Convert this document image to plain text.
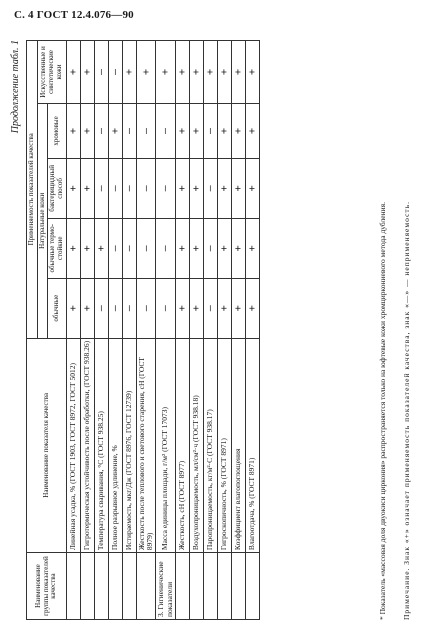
С. 4 ГОСТ 12.4.076—90
Продолжение табл. 1
Наименование группы показателей качества	Наименование показателя качества	Применяемость показателей качества				
		Натуральные кожи				Искусственные и синтетические кожи
		обычные	обычные термо-стойкие	бактерицидный способ	хромовые	
	Линейная усадка, % (ГОСТ 1903, ГОСТ 8972, ГОСТ 5012)	+	+	+	+	+
	Гигротермическая устойчивость после обработки, (ГОСТ 938.26)	+	+	+	+	+
	Температура сваривания, °С (ГОСТ 938.25)	—	+	—	—	—
	Полное разрывное удлинение, %	—	—	—	+	—
	Истираемость, мкг/Дж (ГОСТ 8976, ГОСТ 12739)	—	—	—	—	+
	Жесткость после теплового и светового старения, сН (ГОСТ 8979)	—	—	—	—	+
3. Гигиенические показатели	Масса единицы площади, г/м² (ГОСТ 17073)	—	—	—	—	+
	Жесткость, сН (ГОСТ 8977)	+	+	+	+	+
	Воздухопроницаемость, мл/см²·ч (ГОСТ 938.18)	+	+	+	+	+
	Паропроницаемость, кг/м²·С (ГОСТ 938.17)	—	—	—	—	+
	Гигроскопичность, % (ГОСТ 8971)	+	+	+	+	+
	Коэффициент влагопоглощения	+	+	+	+	+
	Влагоотдача, % (ГОСТ 8971)	+	+	+	+	+
* Показатель «массовая доля двуокиси циркония» распространяется только на юфтевые кожи хромциркониевого метода дубления. Примечание. Знак «+» означает применяемость показателей качества, знак «—» — неприменяемость.
